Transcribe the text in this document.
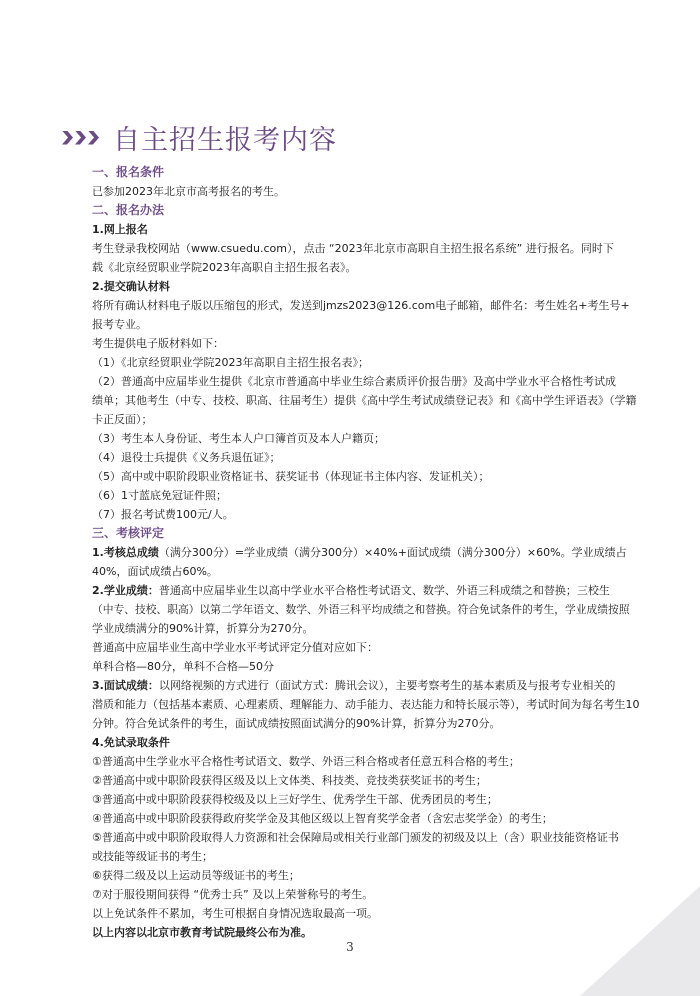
自主招生报考内容

一、报名条件

已参加2023年北京市高考报名的考生。

二、报名办法

1.网上报名

考生登录我校网站（www.csuedu.com），点击 “2023年北京市高职自主招生报名系统” 进行报名。同时下

载《北京经贸职业学院2023年高职自主招生报名表》。

2.提交确认材料

将所有确认材料电子版以压缩包的形式，发送到jmzs2023@126.com电子邮箱，邮件名：考生姓名+考生号+

报考专业。

考生提供电子版材料如下：

（1）《北京经贸职业学院2023年高职自主招生报名表》；

（2）普通高中应届毕业生提供《北京市普通高中毕业生综合素质评价报告册》及高中学业水平合格性考试成

绩单；其他考生（中专、技校、职高、往届考生）提供《高中学生考试成绩登记表》和《高中学生评语表》（学籍

卡正反面）；

（3）考生本人身份证、考生本人户口簿首页及本人户籍页；

（4）退役士兵提供《义务兵退伍证》；

（5）高中或中职阶段职业资格证书、获奖证书（体现证书主体内容、发证机关）；

（6）1寸蓝底免冠证件照；

（7）报名考试费100元/人。

三、考核评定

1.考核总成绩（满分300分）=学业成绩（满分300分）×40%+面试成绩（满分300分）×60%。学业成绩占

40%，面试成绩占60%。

2.学业成绩：普通高中应届毕业生以高中学业水平合格性考试语文、数学、外语三科成绩之和替换；三校生

（中专、技校、职高）以第二学年语文、数学、外语三科平均成绩之和替换。符合免试条件的考生，学业成绩按照

学业成绩满分的90%计算，折算分为270分。

普通高中应届毕业生高中学业水平考试评定分值对应如下：

单科合格—80分，单科不合格—50分

3.面试成绩：以网络视频的方式进行（面试方式：腾讯会议），主要考察考生的基本素质及与报考专业相关的

潜质和能力（包括基本素质、心理素质、理解能力、动手能力、表达能力和特长展示等），考试时间为每名考生10

分钟。符合免试条件的考生，面试成绩按照面试满分的90%计算，折算分为270分。

4.免试录取条件

①普通高中生学业水平合格性考试语文、数学、外语三科合格或者任意五科合格的考生；

②普通高中或中职阶段获得区级及以上文体类、科技类、竞技类获奖证书的考生；

③普通高中或中职阶段获得校级及以上三好学生、优秀学生干部、优秀团员的考生；

④普通高中或中职阶段获得政府奖学金及其他区级以上智育奖学金者（含宏志奖学金）的考生；

⑤普通高中或中职阶段取得人力资源和社会保障局或相关行业部门颁发的初级及以上（含）职业技能资格证书

或技能等级证书的考生；

⑥获得二级及以上运动员等级证书的考生；

⑦对于服役期间获得 “优秀士兵” 及以上荣誉称号的考生。

以上免试条件不累加，考生可根据自身情况选取最高一项。

以上内容以北京市教育考试院最终公布为准。

3
